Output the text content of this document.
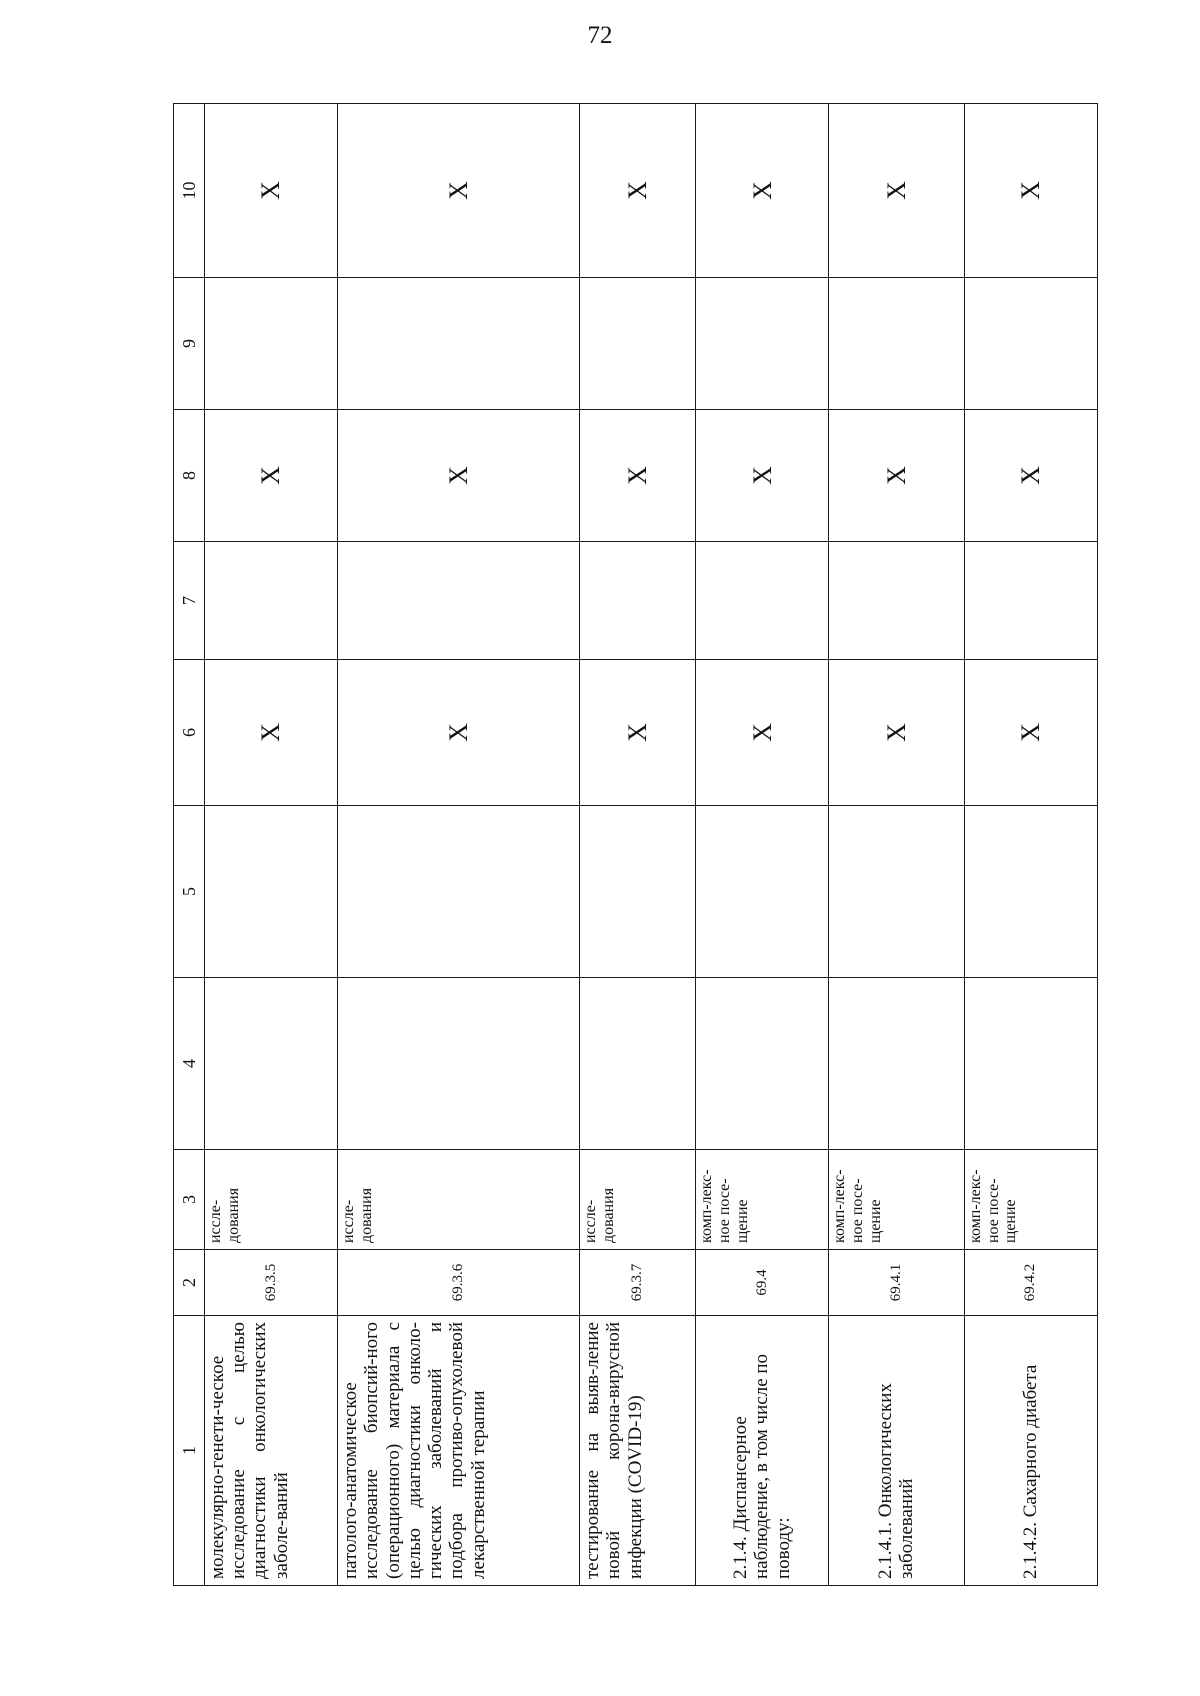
72
1	2	3	4	5	6	7	8	9	10
молекулярно-генети-ческое исследование с целью диагностики онкологических заболе-ваний	69.3.5	иссле-дования			X		X		X
патолого-анатомическое исследование биопсий-ного (операционного) материала с целью диагностики онколо-гических заболеваний и подбора противо-опухолевой лекарственной терапии	69.3.6	иссле-дования			X		X		X
тестирование на выяв-ление новой корона-вирусной инфекции (COVID-19)	69.3.7	иссле-дования			X		X		X
2.1.4. Диспансерное наблюдение, в том числе по поводу:	69.4	комп-лекс-ное посе-щение			X		X		X
2.1.4.1. Онкологических заболеваний	69.4.1	комп-лекс-ное посе-щение			X		X		X
2.1.4.2. Сахарного диабета	69.4.2	комп-лекс-ное посе-щение			X		X		X
